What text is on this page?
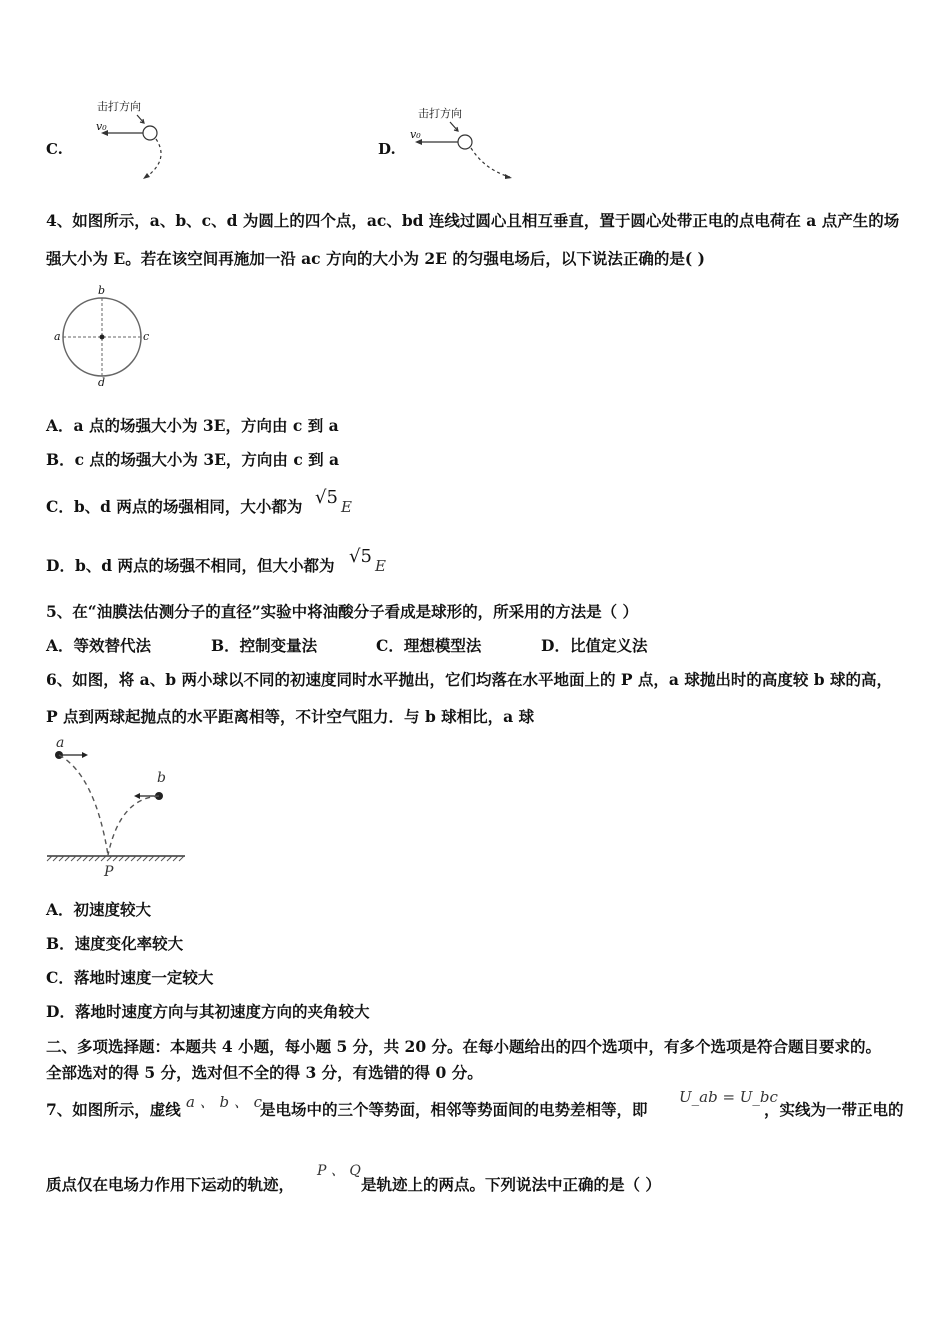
C.
击打方向
v₀
D.
击打方向
v₀
4、如图所示，a、b、c、d 为圆上的四个点，ac、bd 连线过圆心且相互垂直，置于圆心处带正电的点电荷在 a 点产生的场
强大小为 E。若在该空间再施加一沿 ac 方向的大小为 2E 的匀强电场后，以下说法正确的是( )
b
a	c
d
A．a 点的场强大小为 3E，方向由 c 到 a
B．c 点的场强大小为 3E，方向由 c 到 a
C．b、d 两点的场强相同，大小都为 √5 E
D．b、d 两点的场强不相同，但大小都为 √5 E
5、在“油膜法估测分子的直径”实验中将油酸分子看成是球形的，所采用的方法是（ ）
A．等效替代法	B．控制变量法	C．理想模型法	D．比值定义法
6、如图，将 a、b 两小球以不同的初速度同时水平抛出，它们均落在水平地面上的 P 点，a 球抛出时的高度较 b 球的高，
P 点到两球起抛点的水平距离相等，不计空气阻力．与 b 球相比，a 球
a
b
P
A．初速度较大
B．速度变化率较大
C．落地时速度一定较大
D．落地时速度方向与其初速度方向的夹角较大
二、多项选择题：本题共 4 小题，每小题 5 分，共 20 分。在每小题给出的四个选项中，有多个选项是符合题目要求的。
全部选对的得 5 分，选对但不全的得 3 分，有选错的得 0 分。
7、如图所示，虚线 a 、 b 、 c
是电场中的三个等势面，相邻等势面间的电势差相等，即
U_ab = U_bc
，实线为一带正电的
质点仅在电场力作用下运动的轨迹，
P 、 Q
是轨迹上的两点。下列说法中正确的是（ ）
